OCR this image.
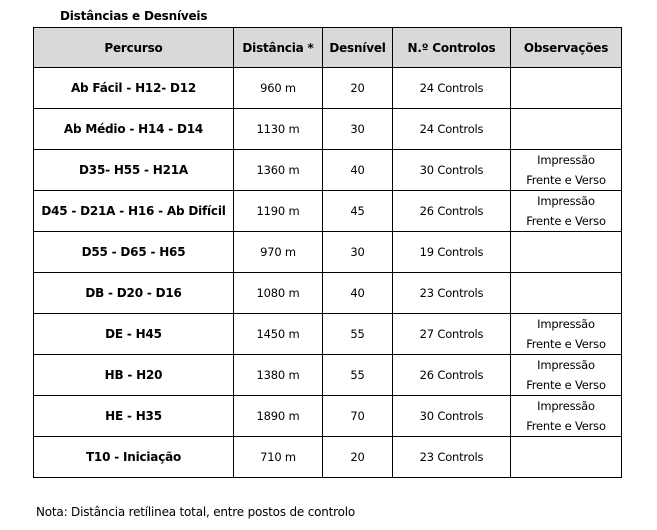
Distâncias e Desníveis
Percurso	Distância *	Desnível	N.º Controlos	Observações
Ab Fácil - H12- D12	960 m	20	24 Controls	

Ab Médio - H14 - D14	1130 m	30	24 Controls	

D35- H55 - H21A	1360 m	40	30 Controls	Impressão
Frente e Verso

D45 - D21A - H16 - Ab Difícil	1190 m	45	26 Controls	Impressão
Frente e Verso

D55 - D65 - H65	970 m	30	19 Controls	

DB - D20 - D16	1080 m	40	23 Controls	

DE - H45	1450 m	55	27 Controls	Impressão
Frente e Verso

HB - H20	1380 m	55	26 Controls	Impressão
Frente e Verso

HE - H35	1890 m	70	30 Controls	Impressão
Frente e Verso

T10 - Iniciação	710 m	20	23 Controls	
Nota: Distância retílinea total, entre postos de controlo
